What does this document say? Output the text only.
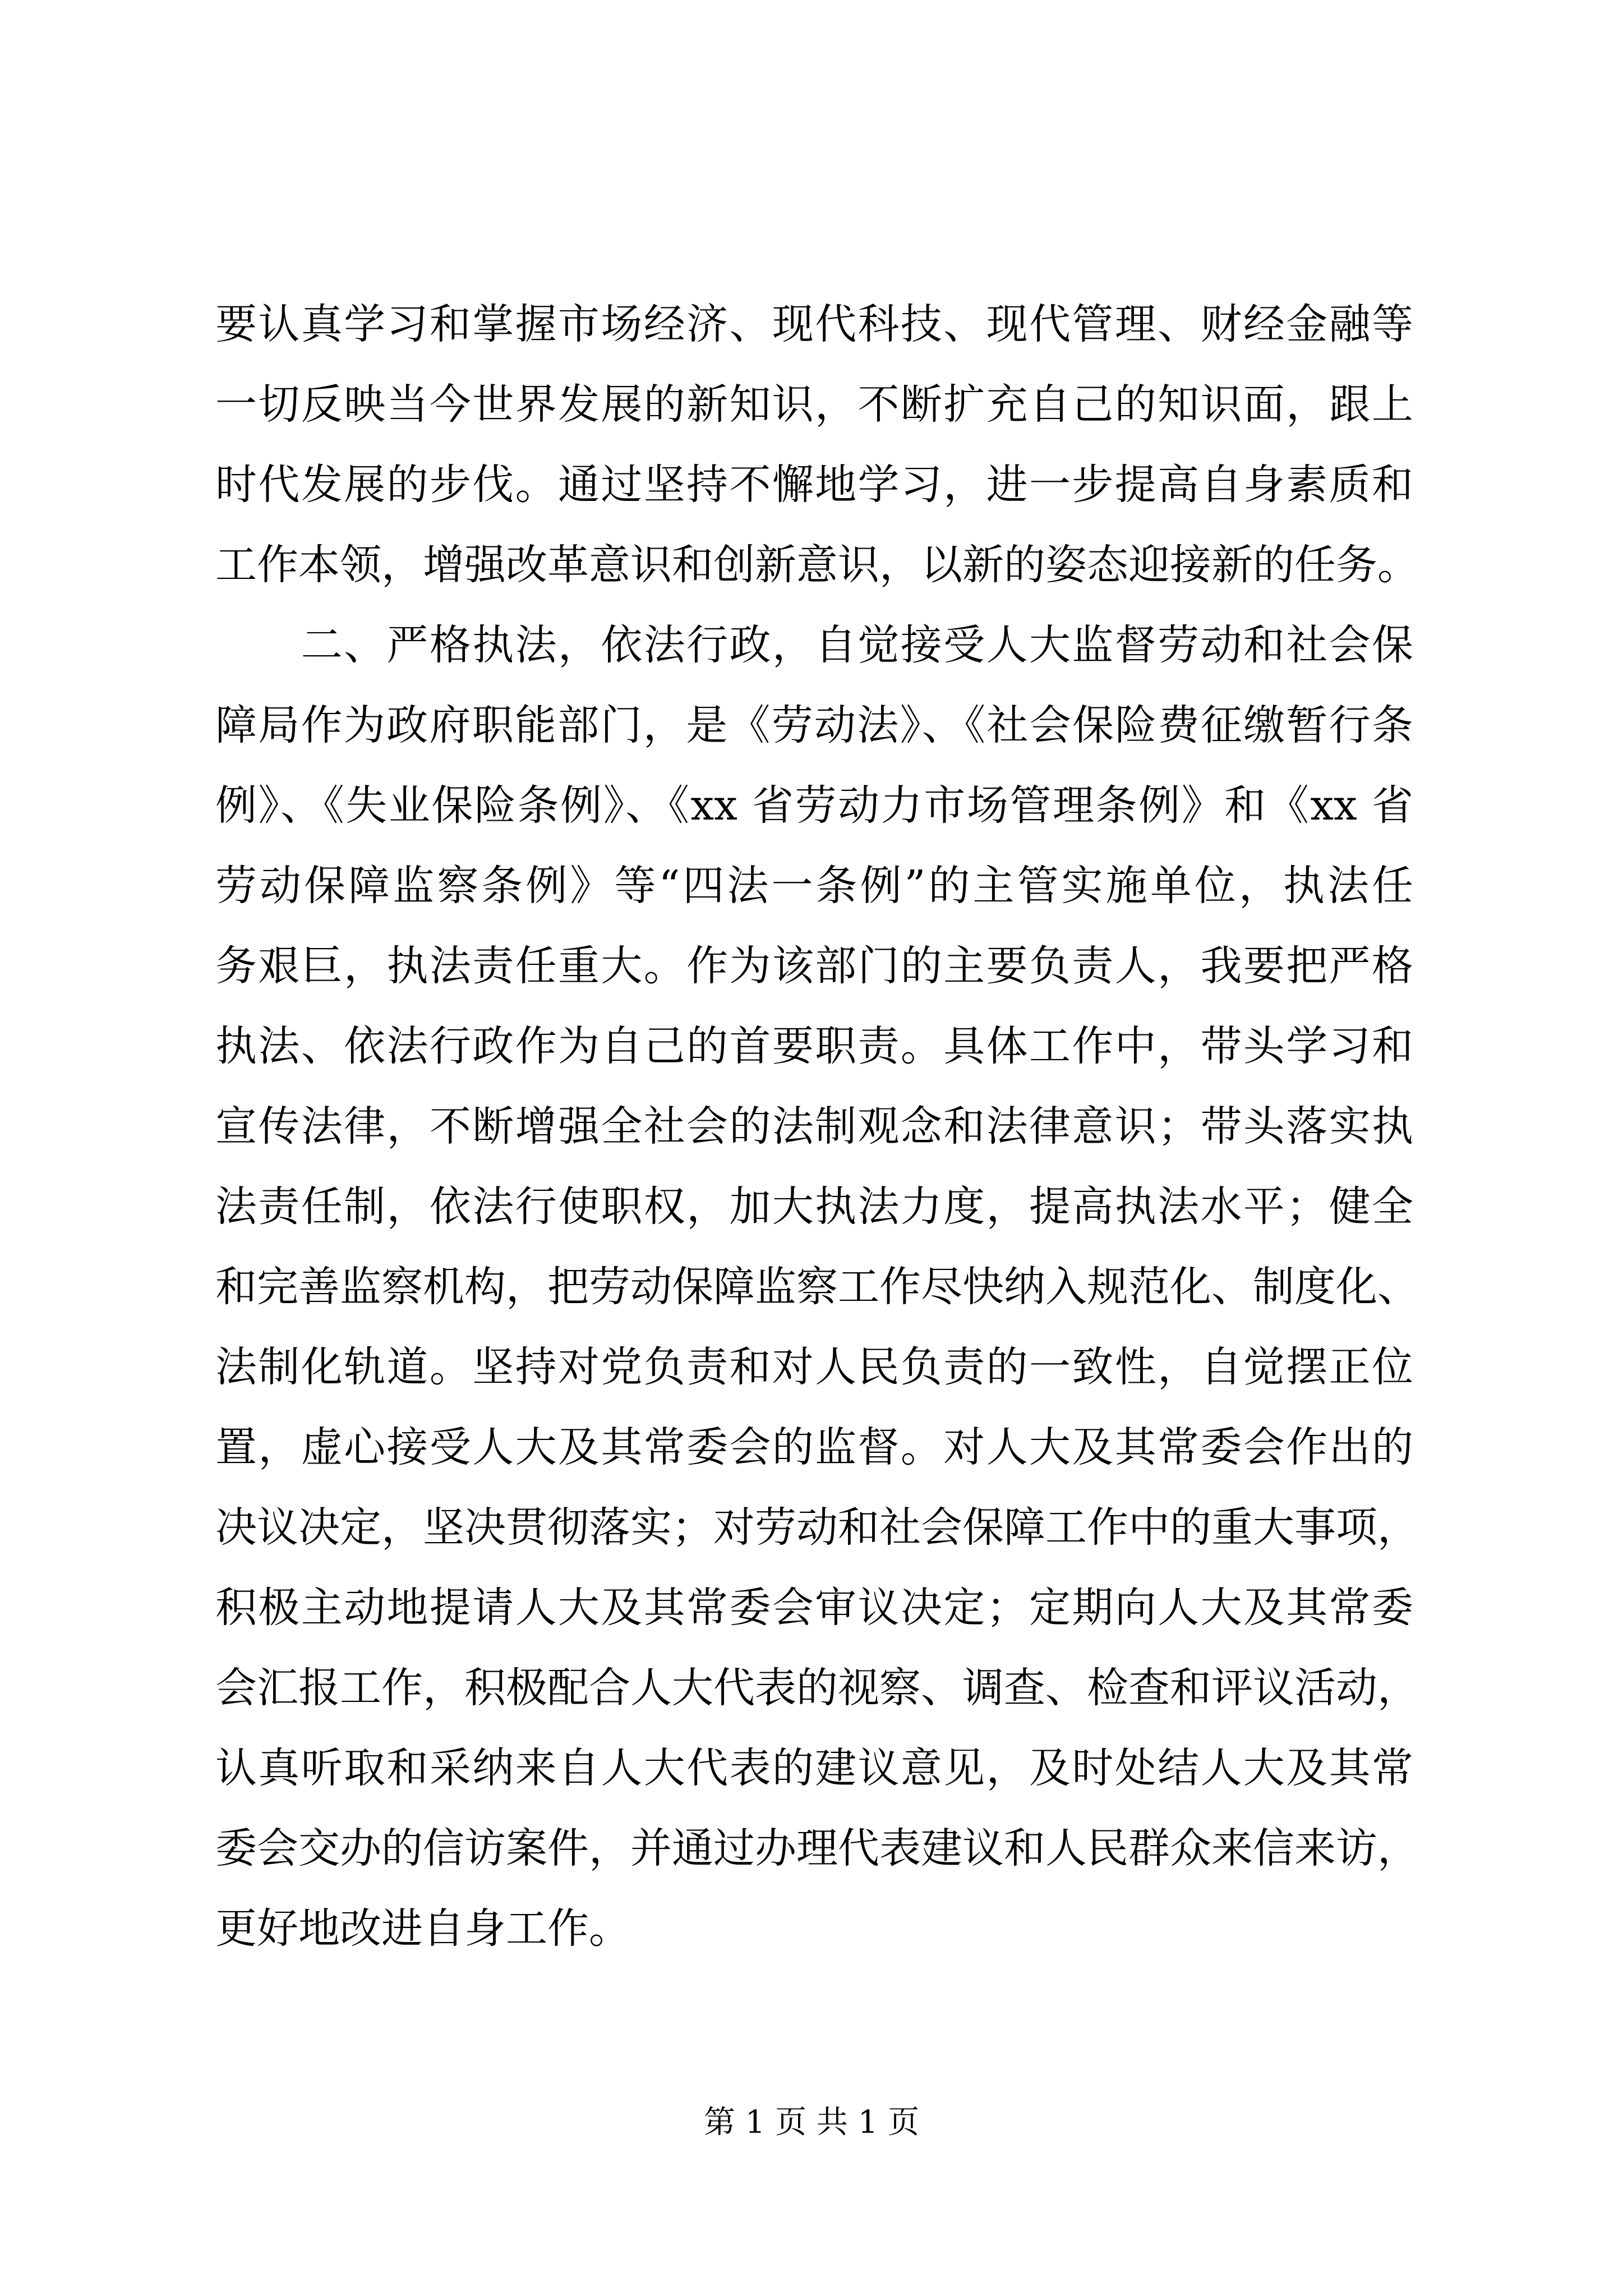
要认真学习和掌握市场经济、现代科技、现代管理、财经金融等
一切反映当今世界发展的新知识，不断扩充自己的知识面，跟上
时代发展的步伐。通过坚持不懈地学习，进一步提高自身素质和
工作本领，增强改革意识和创新意识，以新的姿态迎接新的任务。
　　二、严格执法，依法行政，自觉接受人大监督劳动和社会保
障局作为政府职能部门，是《劳动法》、《社会保险费征缴暂行条
例》、《失业保险条例》、《xx 省劳动力市场管理条例》和《xx 省
劳动保障监察条例》等“四法一条例”的主管实施单位，执法任
务艰巨，执法责任重大。作为该部门的主要负责人，我要把严格
执法、依法行政作为自己的首要职责。具体工作中，带头学习和
宣传法律，不断增强全社会的法制观念和法律意识；带头落实执
法责任制，依法行使职权，加大执法力度，提高执法水平；健全
和完善监察机构，把劳动保障监察工作尽快纳入规范化、制度化、
法制化轨道。坚持对党负责和对人民负责的一致性，自觉摆正位
置，虚心接受人大及其常委会的监督。对人大及其常委会作出的
决议决定，坚决贯彻落实；对劳动和社会保障工作中的重大事项，
积极主动地提请人大及其常委会审议决定；定期向人大及其常委
会汇报工作，积极配合人大代表的视察、调查、检查和评议活动，
认真听取和采纳来自人大代表的建议意见，及时处结人大及其常
委会交办的信访案件，并通过办理代表建议和人民群众来信来访，
更好地改进自身工作。
第 1 页 共 1 页
